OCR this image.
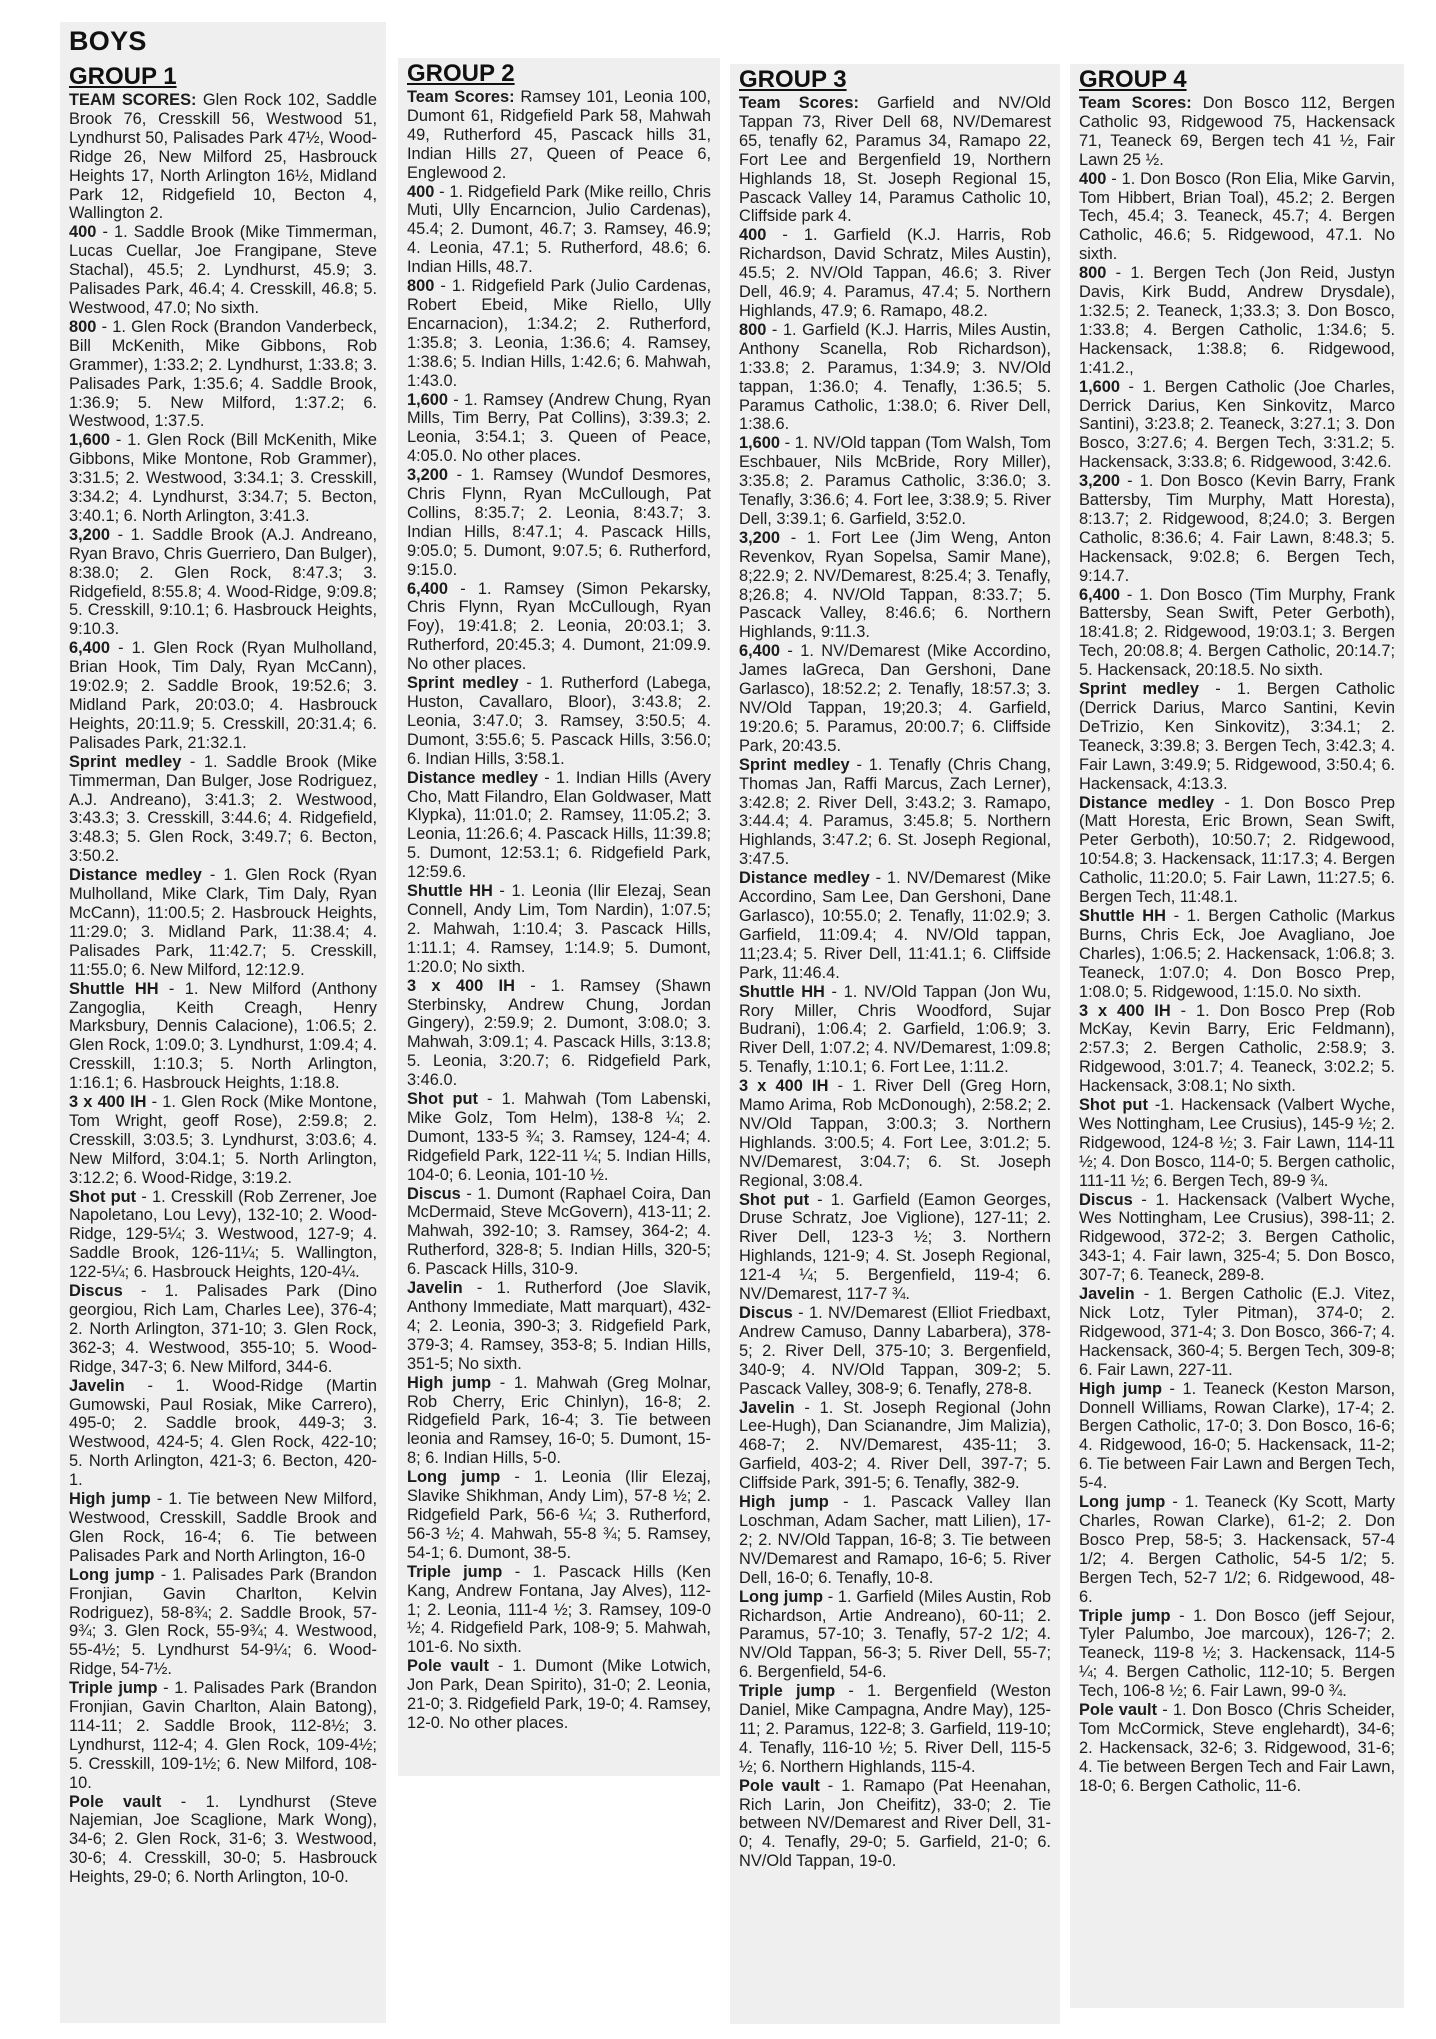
BOYS
GROUP 1

TEAM SCORES: Glen Rock 102, Saddle Brook 76, Cresskill 56, Westwood 51, Lyndhurst 50, Palisades Park 47½, Wood-Ridge 26, New Milford 25, Hasbrouck Heights 17, North Arlington 16½, Midland Park 12, Ridgefield 10, Becton 4, Wallington 2.

400 - 1. Saddle Brook (Mike Timmerman, Lucas Cuellar, Joe Frangipane, Steve Stachal), 45.5; 2. Lyndhurst, 45.9; 3. Palisades Park, 46.4; 4. Cresskill, 46.8; 5. Westwood, 47.0; No sixth.

800 - 1. Glen Rock (Brandon Vanderbeck, Bill McKenith, Mike Gibbons, Rob Grammer), 1:33.2; 2. Lyndhurst, 1:33.8; 3. Palisades Park, 1:35.6; 4. Saddle Brook, 1:36.9; 5. New Milford, 1:37.2; 6. Westwood, 1:37.5.

1,600 - 1. Glen Rock (Bill McKenith, Mike Gibbons, Mike Montone, Rob Grammer), 3:31.5; 2. Westwood, 3:34.1; 3. Cresskill, 3:34.2; 4. Lyndhurst, 3:34.7; 5. Becton, 3:40.1; 6. North Arlington, 3:41.3.

3,200 - 1. Saddle Brook (A.J. Andreano, Ryan Bravo, Chris Guerriero, Dan Bulger), 8:38.0; 2. Glen Rock, 8:47.3; 3. Ridgefield, 8:55.8; 4. Wood-Ridge, 9:09.8; 5. Cresskill, 9:10.1; 6. Hasbrouck Heights, 9:10.3.

6,400 - 1. Glen Rock (Ryan Mulholland, Brian Hook, Tim Daly, Ryan McCann), 19:02.9; 2. Saddle Brook, 19:52.6; 3. Midland Park, 20:03.0; 4. Hasbrouck Heights, 20:11.9; 5. Cresskill, 20:31.4; 6. Palisades Park, 21:32.1.

Sprint medley - 1. Saddle Brook (Mike Timmerman, Dan Bulger, Jose Rodriguez, A.J. Andreano), 3:41.3; 2. Westwood, 3:43.3; 3. Cresskill, 3:44.6; 4. Ridgefield, 3:48.3; 5. Glen Rock, 3:49.7; 6. Becton, 3:50.2.

Distance medley - 1. Glen Rock (Ryan Mulholland, Mike Clark, Tim Daly, Ryan McCann), 11:00.5; 2. Hasbrouck Heights, 11:29.0; 3. Midland Park, 11:38.4; 4. Palisades Park, 11:42.7; 5. Cresskill, 11:55.0; 6. New Milford, 12:12.9.

Shuttle HH - 1. New Milford (Anthony Zangoglia, Keith Creagh, Henry Marksbury, Dennis Calacione), 1:06.5; 2. Glen Rock, 1:09.0; 3. Lyndhurst, 1:09.4; 4. Cresskill, 1:10.3; 5. North Arlington, 1:16.1; 6. Hasbrouck Heights, 1:18.8.

3 x 400 IH - 1. Glen Rock (Mike Montone, Tom Wright, geoff Rose), 2:59.8; 2. Cresskill, 3:03.5; 3. Lyndhurst, 3:03.6; 4. New Milford, 3:04.1; 5. North Arlington, 3:12.2; 6. Wood-Ridge, 3:19.2.

Shot put - 1. Cresskill (Rob Zerrener, Joe Napoletano, Lou Levy), 132-10; 2. Wood-Ridge, 129-5¼; 3. Westwood, 127-9; 4. Saddle Brook, 126-11¼; 5. Wallington, 122-5¼; 6. Hasbrouck Heights, 120-4¼.

Discus - 1. Palisades Park (Dino georgiou, Rich Lam, Charles Lee), 376-4; 2. North Arlington, 371-10; 3. Glen Rock, 362-3; 4. Westwood, 355-10; 5. Wood-Ridge, 347-3; 6. New Milford, 344-6.

Javelin - 1. Wood-Ridge (Martin Gumowski, Paul Rosiak, Mike Carrero), 495-0; 2. Saddle brook, 449-3; 3. Westwood, 424-5; 4. Glen Rock, 422-10; 5. North Arlington, 421-3; 6. Becton, 420-1.

High jump - 1. Tie between New Milford, Westwood, Cresskill, Saddle Brook and Glen Rock, 16-4; 6. Tie between Palisades Park and North Arlington, 16-0

Long jump - 1. Palisades Park (Brandon Fronjian, Gavin Charlton, Kelvin Rodriguez), 58-8¾; 2. Saddle Brook, 57-9¾; 3. Glen Rock, 55-9¾; 4. Westwood, 55-4½; 5. Lyndhurst 54-9¼; 6. Wood-Ridge, 54-7½.

Triple jump - 1. Palisades Park (Brandon Fronjian, Gavin Charlton, Alain Batong), 114-11; 2. Saddle Brook, 112-8½; 3. Lyndhurst, 112-4; 4. Glen Rock, 109-4½; 5. Cresskill, 109-1½; 6. New Milford, 108-10.

Pole vault - 1. Lyndhurst (Steve Najemian, Joe Scaglione, Mark Wong), 34-6; 2. Glen Rock, 31-6; 3. Westwood, 30-6; 4. Cresskill, 30-0; 5. Hasbrouck Heights, 29-0; 6. North Arlington, 10-0.

GROUP 2

Team Scores: Ramsey 101, Leonia 100, Dumont 61, Ridgefield Park 58, Mahwah 49, Rutherford 45, Pascack hills 31, Indian Hills 27, Queen of Peace 6, Englewood 2.

400 - 1. Ridgefield Park (Mike reillo, Chris Muti, Ully Encarncion, Julio Cardenas), 45.4; 2. Dumont, 46.7; 3. Ramsey, 46.9; 4. Leonia, 47.1; 5. Rutherford, 48.6; 6. Indian Hills, 48.7.

800 - 1. Ridgefield Park (Julio Cardenas, Robert Ebeid, Mike Riello, Ully Encarnacion), 1:34.2; 2. Rutherford, 1:35.8; 3. Leonia, 1:36.6; 4. Ramsey, 1:38.6; 5. Indian Hills, 1:42.6; 6. Mahwah, 1:43.0.

1,600 - 1. Ramsey (Andrew Chung, Ryan Mills, Tim Berry, Pat Collins), 3:39.3; 2. Leonia, 3:54.1; 3. Queen of Peace, 4:05.0. No other places.

3,200 - 1. Ramsey (Wundof Desmores, Chris Flynn, Ryan McCullough, Pat Collins, 8:35.7; 2. Leonia, 8:43.7; 3. Indian Hills, 8:47.1; 4. Pascack Hills, 9:05.0; 5. Dumont, 9:07.5; 6. Rutherford, 9:15.0.

6,400 - 1. Ramsey (Simon Pekarsky, Chris Flynn, Ryan McCullough, Ryan Foy), 19:41.8; 2. Leonia, 20:03.1; 3. Rutherford, 20:45.3; 4. Dumont, 21:09.9. No other places.

Sprint medley - 1. Rutherford (Labega, Huston, Cavallaro, Bloor), 3:43.8; 2. Leonia, 3:47.0; 3. Ramsey, 3:50.5; 4. Dumont, 3:55.6; 5. Pascack Hills, 3:56.0; 6. Indian Hills, 3:58.1.

Distance medley - 1. Indian Hills (Avery Cho, Matt Filandro, Elan Goldwaser, Matt Klypka), 11:01.0; 2. Ramsey, 11:05.2; 3. Leonia, 11:26.6; 4. Pascack Hills, 11:39.8; 5. Dumont, 12:53.1; 6. Ridgefield Park, 12:59.6.

Shuttle HH - 1. Leonia (Ilir Elezaj, Sean Connell, Andy Lim, Tom Nardin), 1:07.5; 2. Mahwah, 1:10.4; 3. Pascack Hills, 1:11.1; 4. Ramsey, 1:14.9; 5. Dumont, 1:20.0; No sixth.

3 x 400 IH - 1. Ramsey (Shawn Sterbinsky, Andrew Chung, Jordan Gingery), 2:59.9; 2. Dumont, 3:08.0; 3. Mahwah, 3:09.1; 4. Pascack Hills, 3:13.8; 5. Leonia, 3:20.7; 6. Ridgefield Park, 3:46.0.

Shot put - 1. Mahwah (Tom Labenski, Mike Golz, Tom Helm), 138-8 ¼; 2. Dumont, 133-5 ¾; 3. Ramsey, 124-4; 4. Ridgefield Park, 122-11 ¼; 5. Indian Hills, 104-0; 6. Leonia, 101-10 ½.

Discus - 1. Dumont (Raphael Coira, Dan McDermaid, Steve McGovern), 413-11; 2. Mahwah, 392-10; 3. Ramsey, 364-2; 4. Rutherford, 328-8; 5. Indian Hills, 320-5; 6. Pascack Hills, 310-9.

Javelin - 1. Rutherford (Joe Slavik, Anthony Immediate, Matt marquart), 432-4; 2. Leonia, 390-3; 3. Ridgefield Park, 379-3; 4. Ramsey, 353-8; 5. Indian Hills, 351-5; No sixth.

High jump - 1. Mahwah (Greg Molnar, Rob Cherry, Eric Chinlyn), 16-8; 2. Ridgefield Park, 16-4; 3. Tie between leonia and Ramsey, 16-0; 5. Dumont, 15-8; 6. Indian Hills, 5-0.

Long jump - 1. Leonia (Ilir Elezaj, Slavike Shikhman, Andy Lim), 57-8 ½; 2. Ridgefield Park, 56-6 ¼; 3. Rutherford, 56-3 ½; 4. Mahwah, 55-8 ¾; 5. Ramsey, 54-1; 6. Dumont, 38-5.

Triple jump - 1. Pascack Hills (Ken Kang, Andrew Fontana, Jay Alves), 112-1; 2. Leonia, 111-4 ½; 3. Ramsey, 109-0 ½; 4. Ridgefield Park, 108-9; 5. Mahwah, 101-6. No sixth.

Pole vault - 1. Dumont (Mike Lotwich, Jon Park, Dean Spirito), 31-0; 2. Leonia, 21-0; 3. Ridgefield Park, 19-0; 4. Ramsey, 12-0. No other places.

GROUP 3

Team Scores: Garfield and NV/Old Tappan 73, River Dell 68, NV/Demarest 65, tenafly 62, Paramus 34, Ramapo 22, Fort Lee and Bergenfield 19, Northern Highlands 18, St. Joseph Regional 15, Pascack Valley 14, Paramus Catholic 10, Cliffside park 4.

400 - 1. Garfield (K.J. Harris, Rob Richardson, David Schratz, Miles Austin), 45.5; 2. NV/Old Tappan, 46.6; 3. River Dell, 46.9; 4. Paramus, 47.4; 5. Northern Highlands, 47.9; 6. Ramapo, 48.2.

800 - 1. Garfield (K.J. Harris, Miles Austin, Anthony Scanella, Rob Richardson), 1:33.8; 2. Paramus, 1:34.9; 3. NV/Old tappan, 1:36.0; 4. Tenafly, 1:36.5; 5. Paramus Catholic, 1:38.0; 6. River Dell, 1:38.6.

1,600 - 1. NV/Old tappan (Tom Walsh, Tom Eschbauer, Nils McBride, Rory Miller), 3:35.8; 2. Paramus Catholic, 3:36.0; 3. Tenafly, 3:36.6; 4. Fort lee, 3:38.9; 5. River Dell, 3:39.1; 6. Garfield, 3:52.0.

3,200 - 1. Fort Lee (Jim Weng, Anton Revenkov, Ryan Sopelsa, Samir Mane), 8;22.9; 2. NV/Demarest, 8:25.4; 3. Tenafly, 8;26.8; 4. NV/Old Tappan, 8:33.7; 5. Pascack Valley, 8:46.6; 6. Northern Highlands, 9:11.3.

6,400 - 1. NV/Demarest (Mike Accordino, James laGreca, Dan Gershoni, Dane Garlasco), 18:52.2; 2. Tenafly, 18:57.3; 3. NV/Old Tappan, 19;20.3; 4. Garfield, 19:20.6; 5. Paramus, 20:00.7; 6. Cliffside Park, 20:43.5.

Sprint medley - 1. Tenafly (Chris Chang, Thomas Jan, Raffi Marcus, Zach Lerner), 3:42.8; 2. River Dell, 3:43.2; 3. Ramapo, 3:44.4; 4. Paramus, 3:45.8; 5. Northern Highlands, 3:47.2; 6. St. Joseph Regional, 3:47.5.

Distance medley - 1. NV/Demarest (Mike Accordino, Sam Lee, Dan Gershoni, Dane Garlasco), 10:55.0; 2. Tenafly, 11:02.9; 3. Garfield, 11:09.4; 4. NV/Old tappan, 11;23.4; 5. River Dell, 11:41.1; 6. Cliffside Park, 11:46.4.

Shuttle HH - 1. NV/Old Tappan (Jon Wu, Rory Miller, Chris Woodford, Sujar Budrani), 1:06.4; 2. Garfield, 1:06.9; 3. River Dell, 1:07.2; 4. NV/Demarest, 1:09.8; 5. Tenafly, 1:10.1; 6. Fort Lee, 1:11.2.

3 x 400 IH - 1. River Dell (Greg Horn, Mamo Arima, Rob McDonough), 2:58.2; 2. NV/Old Tappan, 3:00.3; 3. Northern Highlands. 3:00.5; 4. Fort Lee, 3:01.2; 5. NV/Demarest, 3:04.7; 6. St. Joseph Regional, 3:08.4.

Shot put - 1. Garfield (Eamon Georges, Druse Schratz, Joe Viglione), 127-11; 2. River Dell, 123-3 ½; 3. Northern Highlands, 121-9; 4. St. Joseph Regional, 121-4 ¼; 5. Bergenfield, 119-4; 6. NV/Demarest, 117-7 ¾.

Discus - 1. NV/Demarest (Elliot Friedbaxt, Andrew Camuso, Danny Labarbera), 378-5; 2. River Dell, 375-10; 3. Bergenfield, 340-9; 4. NV/Old Tappan, 309-2; 5. Pascack Valley, 308-9; 6. Tenafly, 278-8.

Javelin - 1. St. Joseph Regional (John Lee-Hugh), Dan Scianandre, Jim Malizia), 468-7; 2. NV/Demarest, 435-11; 3. Garfield, 403-2; 4. River Dell, 397-7; 5. Cliffside Park, 391-5; 6. Tenafly, 382-9.

High jump - 1. Pascack Valley Ilan Loschman, Adam Sacher, matt Lilien), 17-2; 2. NV/Old Tappan, 16-8; 3. Tie between NV/Demarest and Ramapo, 16-6; 5. River Dell, 16-0; 6. Tenafly, 10-8.

Long jump - 1. Garfield (Miles Austin, Rob Richardson, Artie Andreano), 60-11; 2. Paramus, 57-10; 3. Tenafly, 57-2 1/2; 4. NV/Old Tappan, 56-3; 5. River Dell, 55-7; 6. Bergenfield, 54-6.

Triple jump - 1. Bergenfield (Weston Daniel, Mike Campagna, Andre May), 125-11; 2. Paramus, 122-8; 3. Garfield, 119-10; 4. Tenafly, 116-10 ½; 5. River Dell, 115-5 ½; 6. Northern Highlands, 115-4.

Pole vault - 1. Ramapo (Pat Heenahan, Rich Larin, Jon Cheifitz), 33-0; 2. Tie between NV/Demarest and River Dell, 31-0; 4. Tenafly, 29-0; 5. Garfield, 21-0; 6. NV/Old Tappan, 19-0.

GROUP 4

Team Scores: Don Bosco 112, Bergen Catholic 93, Ridgewood 75, Hackensack 71, Teaneck 69, Bergen tech 41 ½, Fair Lawn 25 ½.

400 - 1. Don Bosco (Ron Elia, Mike Garvin, Tom Hibbert, Brian Toal), 45.2; 2. Bergen Tech, 45.4; 3. Teaneck, 45.7; 4. Bergen Catholic, 46.6; 5. Ridgewood, 47.1. No sixth.

800 - 1. Bergen Tech (Jon Reid, Justyn Davis, Kirk Budd, Andrew Drysdale), 1:32.5; 2. Teaneck, 1;33.3; 3. Don Bosco, 1:33.8; 4. Bergen Catholic, 1:34.6; 5. Hackensack, 1:38.8; 6. Ridgewood, 1:41.2.,

1,600 - 1. Bergen Catholic (Joe Charles, Derrick Darius, Ken Sinkovitz, Marco Santini), 3:23.8; 2. Teaneck, 3:27.1; 3. Don Bosco, 3:27.6; 4. Bergen Tech, 3:31.2; 5. Hackensack, 3:33.8; 6. Ridgewood, 3:42.6.

3,200 - 1. Don Bosco (Kevin Barry, Frank Battersby, Tim Murphy, Matt Horesta), 8:13.7; 2. Ridgewood, 8;24.0; 3. Bergen Catholic, 8:36.6; 4. Fair Lawn, 8:48.3; 5. Hackensack, 9:02.8; 6. Bergen Tech, 9:14.7.

6,400 - 1. Don Bosco (Tim Murphy, Frank Battersby, Sean Swift, Peter Gerboth), 18:41.8; 2. Ridgewood, 19:03.1; 3. Bergen Tech, 20:08.8; 4. Bergen Catholic, 20:14.7; 5. Hackensack, 20:18.5. No sixth.

Sprint medley - 1. Bergen Catholic (Derrick Darius, Marco Santini, Kevin DeTrizio, Ken Sinkovitz), 3:34.1; 2. Teaneck, 3:39.8; 3. Bergen Tech, 3:42.3; 4. Fair Lawn, 3:49.9; 5. Ridgewood, 3:50.4; 6. Hackensack, 4:13.3.

Distance medley - 1. Don Bosco Prep (Matt Horesta, Eric Brown, Sean Swift, Peter Gerboth), 10:50.7; 2. Ridgewood, 10:54.8; 3. Hackensack, 11:17.3; 4. Bergen Catholic, 11:20.0; 5. Fair Lawn, 11:27.5; 6. Bergen Tech, 11:48.1.

Shuttle HH - 1. Bergen Catholic (Markus Burns, Chris Eck, Joe Avagliano, Joe Charles), 1:06.5; 2. Hackensack, 1:06.8; 3. Teaneck, 1:07.0; 4. Don Bosco Prep, 1:08.0; 5. Ridgewood, 1:15.0. No sixth.

3 x 400 IH - 1. Don Bosco Prep (Rob McKay, Kevin Barry, Eric Feldmann), 2:57.3; 2. Bergen Catholic, 2:58.9; 3. Ridgewood, 3:01.7; 4. Teaneck, 3:02.2; 5. Hackensack, 3:08.1; No sixth.

Shot put -1. Hackensack (Valbert Wyche, Wes Nottingham, Lee Crusius), 145-9 ½; 2. Ridgewood, 124-8 ½; 3. Fair Lawn, 114-11 ½; 4. Don Bosco, 114-0; 5. Bergen catholic, 111-11 ½; 6. Bergen Tech, 89-9 ¾.

Discus - 1. Hackensack (Valbert Wyche, Wes Nottingham, Lee Crusius), 398-11; 2. Ridgewood, 372-2; 3. Bergen Catholic, 343-1; 4. Fair lawn, 325-4; 5. Don Bosco, 307-7; 6. Teaneck, 289-8.

Javelin - 1. Bergen Catholic (E.J. Vitez, Nick Lotz, Tyler Pitman), 374-0; 2. Ridgewood, 371-4; 3. Don Bosco, 366-7; 4. Hackensack, 360-4; 5. Bergen Tech, 309-8; 6. Fair Lawn, 227-11.

High jump - 1. Teaneck (Keston Marson, Donnell Williams, Rowan Clarke), 17-4; 2. Bergen Catholic, 17-0; 3. Don Bosco, 16-6; 4. Ridgewood, 16-0; 5. Hackensack, 11-2; 6. Tie between Fair Lawn and Bergen Tech, 5-4.

Long jump - 1. Teaneck (Ky Scott, Marty Charles, Rowan Clarke), 61-2; 2. Don Bosco Prep, 58-5; 3. Hackensack, 57-4 1/2; 4. Bergen Catholic, 54-5 1/2; 5. Bergen Tech, 52-7 1/2; 6. Ridgewood, 48-6.

Triple jump - 1. Don Bosco (jeff Sejour, Tyler Palumbo, Joe marcoux), 126-7; 2. Teaneck, 119-8 ½; 3. Hackensack, 114-5 ¼; 4. Bergen Catholic, 112-10; 5. Bergen Tech, 106-8 ½; 6. Fair Lawn, 99-0 ¾.

Pole vault - 1. Don Bosco (Chris Scheider, Tom McCormick, Steve englehardt), 34-6; 2. Hackensack, 32-6; 3. Ridgewood, 31-6; 4. Tie between Bergen Tech and Fair Lawn, 18-0; 6. Bergen Catholic, 11-6.
